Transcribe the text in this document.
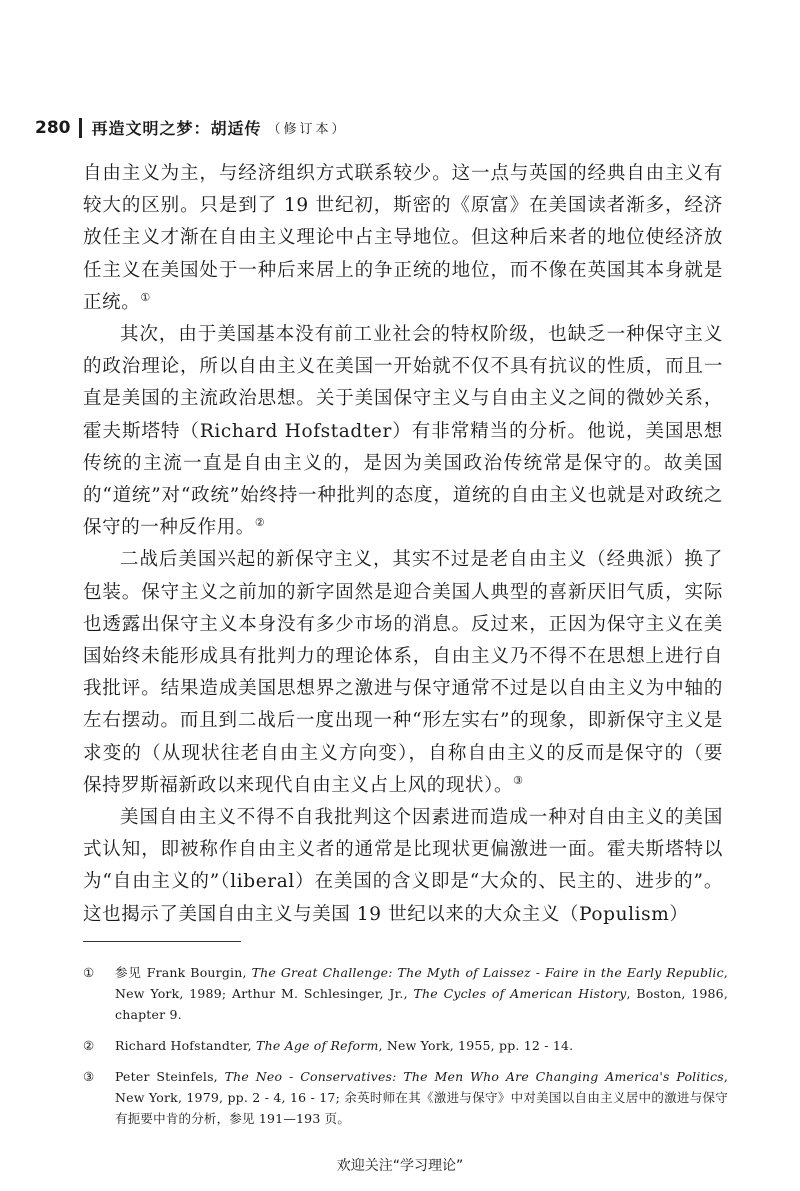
280 再造文明之梦：胡适传 （修订本）

自由主义为主，与经济组织方式联系较少。这一点与英国的经典自由主义有较大的区别。只是到了 19 世纪初，斯密的《原富》在美国读者渐多，经济放任主义才渐在自由主义理论中占主导地位。但这种后来者的地位使经济放任主义在美国处于一种后来居上的争正统的地位，而不像在英国其本身就是正统。①

其次，由于美国基本没有前工业社会的特权阶级，也缺乏一种保守主义的政治理论，所以自由主义在美国一开始就不仅不具有抗议的性质，而且一直是美国的主流政治思想。关于美国保守主义与自由主义之间的微妙关系，霍夫斯塔特（Richard Hofstadter）有非常精当的分析。他说，美国思想传统的主流一直是自由主义的，是因为美国政治传统常是保守的。故美国的“道统”对“政统”始终持一种批判的态度，道统的自由主义也就是对政统之保守的一种反作用。②

二战后美国兴起的新保守主义，其实不过是老自由主义（经典派）换了包装。保守主义之前加的新字固然是迎合美国人典型的喜新厌旧气质，实际也透露出保守主义本身没有多少市场的消息。反过来，正因为保守主义在美国始终未能形成具有批判力的理论体系，自由主义乃不得不在思想上进行自我批评。结果造成美国思想界之激进与保守通常不过是以自由主义为中轴的左右摆动。而且到二战后一度出现一种“形左实右”的现象，即新保守主义是求变的（从现状往老自由主义方向变），自称自由主义的反而是保守的（要保持罗斯福新政以来现代自由主义占上风的现状）。③

美国自由主义不得不自我批判这个因素进而造成一种对自由主义的美国式认知，即被称作自由主义者的通常是比现状更偏激进一面。霍夫斯塔特以为“自由主义的”（liberal）在美国的含义即是“大众的、民主的、进步的”。这也揭示了美国自由主义与美国 19 世纪以来的大众主义（Populism）

①	参见 Frank Bourgin, The Great Challenge: The Myth of Laissez - Faire in the Early Republic, New York, 1989; Arthur M. Schlesinger, Jr., The Cycles of American History, Boston, 1986, chapter 9.
②	Richard Hofstandter, The Age of Reform, New York, 1955, pp. 12 - 14.
③	Peter Steinfels, The Neo - Conservatives: The Men Who Are Changing America's Politics, New York, 1979, pp. 2 - 4, 16 - 17; 余英时师在其《激进与保守》中对美国以自由主义居中的激进与保守有扼要中肯的分析，参见 191—193 页。
欢迎关注“学习理论”
